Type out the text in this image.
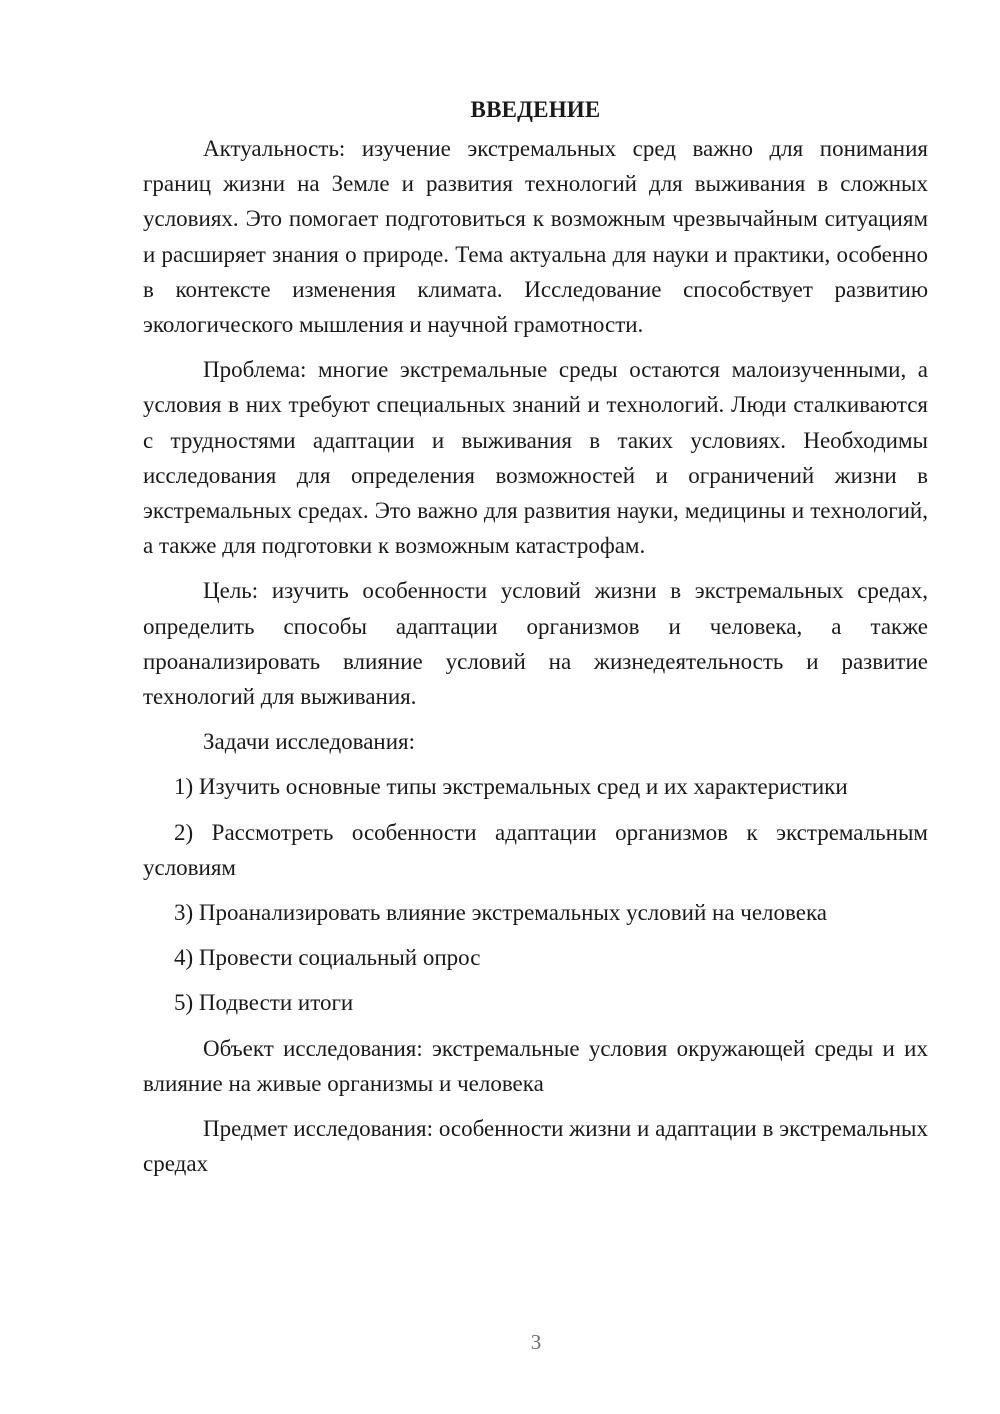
ВВЕДЕНИЕ

Актуальность: изучение экстремальных сред важно для понимания границ жизни на Земле и развития технологий для выживания в сложных условиях. Это помогает подготовиться к возможным чрезвычайным ситуациям и расширяет знания о природе. Тема актуальна для науки и практики, особенно в контексте изменения климата. Исследование способствует развитию экологического мышления и научной грамотности.

Проблема: многие экстремальные среды остаются малоизученными, а условия в них требуют специальных знаний и технологий. Люди сталкиваются с трудностями адаптации и выживания в таких условиях. Необходимы исследования для определения возможностей и ограничений жизни в экстремальных средах. Это важно для развития науки, медицины и технологий, а также для подготовки к возможным катастрофам.

Цель: изучить особенности условий жизни в экстремальных средах, определить способы адаптации организмов и человека, а также проанализировать влияние условий на жизнедеятельность и развитие технологий для выживания.

Задачи исследования:

1) Изучить основные типы экстремальных сред и их характеристики

2) Рассмотреть особенности адаптации организмов к экстремальным условиям

3) Проанализировать влияние экстремальных условий на человека

4) Провести социальный опрос

5) Подвести итоги

Объект исследования: экстремальные условия окружающей среды и их влияние на живые организмы и человека

Предмет исследования: особенности жизни и адаптации в экстремальных средах

3
